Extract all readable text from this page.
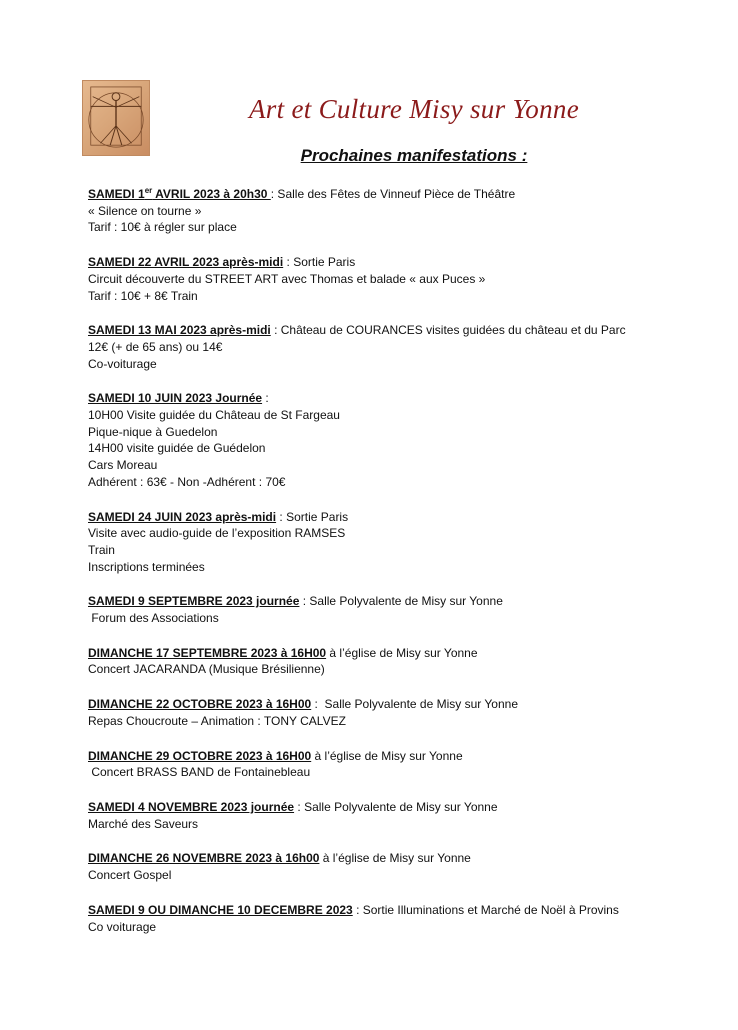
Art et Culture Misy sur Yonne
Prochaines manifestations :
SAMEDI 1er AVRIL 2023 à 20h30 : Salle des Fêtes de Vinneuf Pièce de Théâtre
« Silence on tourne »
Tarif : 10€ à régler sur place
SAMEDI 22 AVRIL 2023 après-midi : Sortie Paris
Circuit découverte du STREET ART avec Thomas et balade « aux Puces »
Tarif : 10€ + 8€ Train
SAMEDI 13 MAI 2023 après-midi : Château de COURANCES visites guidées du château et du Parc
12€ (+ de 65 ans) ou 14€
Co-voiturage
SAMEDI 10 JUIN 2023 Journée :
10H00 Visite guidée du Château de St Fargeau
Pique-nique à Guedelon
14H00 visite guidée de Guédelon
Cars Moreau
Adhérent : 63€ - Non -Adhérent : 70€
SAMEDI 24 JUIN 2023 après-midi : Sortie Paris
Visite avec audio-guide de l’exposition RAMSES
Train
Inscriptions terminées
SAMEDI 9 SEPTEMBRE 2023 journée : Salle Polyvalente de Misy sur Yonne
Forum des Associations
DIMANCHE 17 SEPTEMBRE 2023 à 16H00 à l’église de Misy sur Yonne
Concert JACARANDA (Musique Brésilienne)
DIMANCHE 22 OCTOBRE 2023 à 16H00 :  Salle Polyvalente de Misy sur Yonne
Repas Choucroute – Animation : TONY CALVEZ
DIMANCHE 29 OCTOBRE 2023 à 16H00 à l’église de Misy sur Yonne
Concert BRASS BAND de Fontainebleau
SAMEDI 4 NOVEMBRE 2023 journée : Salle Polyvalente de Misy sur Yonne
Marché des Saveurs
DIMANCHE 26 NOVEMBRE 2023 à 16h00 à l’église de Misy sur Yonne
Concert Gospel
SAMEDI 9 OU DIMANCHE 10 DECEMBRE 2023 : Sortie Illuminations et Marché de Noël à Provins
Co voiturage
